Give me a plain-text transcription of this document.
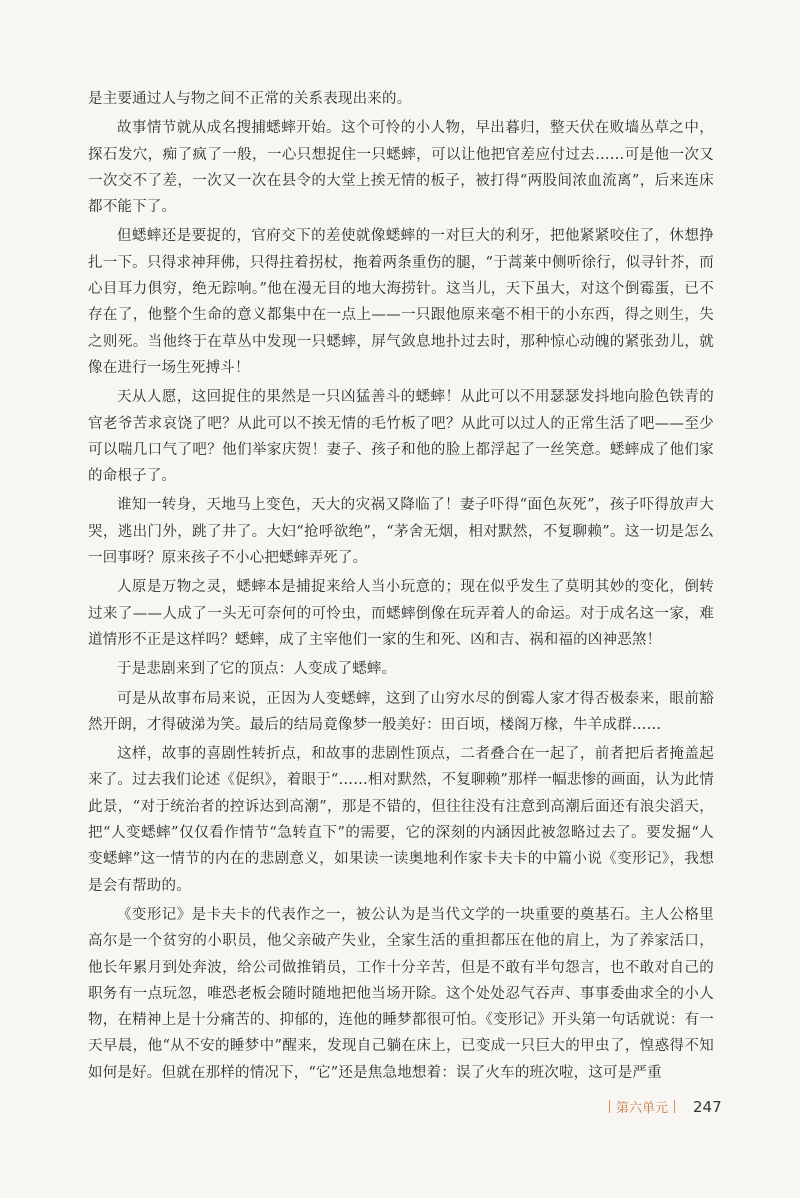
是主要通过人与物之间不正常的关系表现出来的。

故事情节就从成名搜捕蟋蟀开始。这个可怜的小人物，早出暮归，整天伏在败墙丛草之中，探石发穴，痴了疯了一般，一心只想捉住一只蟋蟀，可以让他把官差应付过去……可是他一次又一次交不了差，一次又一次在县令的大堂上挨无情的板子，被打得“两股间浓血流离”，后来连床都不能下了。

但蟋蟀还是要捉的，官府交下的差使就像蟋蟀的一对巨大的利牙，把他紧紧咬住了，休想挣扎一下。只得求神拜佛，只得拄着拐杖，拖着两条重伤的腿，“于蒿莱中侧听徐行，似寻针芥，而心目耳力俱穷，绝无踪响。”他在漫无目的地大海捞针。这当儿，天下虽大，对这个倒霉蛋，已不存在了，他整个生命的意义都集中在一点上——一只跟他原来毫不相干的小东西，得之则生，失之则死。当他终于在草丛中发现一只蟋蟀，屏气敛息地扑过去时，那种惊心动魄的紧张劲儿，就像在进行一场生死搏斗！

天从人愿，这回捉住的果然是一只凶猛善斗的蟋蟀！从此可以不用瑟瑟发抖地向脸色铁青的官老爷苦求哀饶了吧？从此可以不挨无情的毛竹板了吧？从此可以过人的正常生活了吧——至少可以喘几口气了吧？他们举家庆贺！妻子、孩子和他的脸上都浮起了一丝笑意。蟋蟀成了他们家的命根子了。

谁知一转身，天地马上变色，天大的灾祸又降临了！妻子吓得“面色灰死”，孩子吓得放声大哭，逃出门外，跳了井了。大妇“抢呼欲绝”，“茅舍无烟，相对默然，不复聊赖”。这一切是怎么一回事呀？原来孩子不小心把蟋蟀弄死了。

人原是万物之灵，蟋蟀本是捕捉来给人当小玩意的；现在似乎发生了莫明其妙的变化，倒转过来了——人成了一头无可奈何的可怜虫，而蟋蟀倒像在玩弄着人的命运。对于成名这一家，难道情形不正是这样吗？蟋蟀，成了主宰他们一家的生和死、凶和吉、祸和福的凶神恶煞！

于是悲剧来到了它的顶点：人变成了蟋蟀。

可是从故事布局来说，正因为人变蟋蟀，这到了山穷水尽的倒霉人家才得否极泰来，眼前豁然开朗，才得破涕为笑。最后的结局竟像梦一般美好：田百顷，楼阁万椽，牛羊成群……

这样，故事的喜剧性转折点，和故事的悲剧性顶点，二者叠合在一起了，前者把后者掩盖起来了。过去我们论述《促织》，着眼于“……相对默然，不复聊赖”那样一幅悲惨的画面，认为此情此景，“对于统治者的控诉达到高潮”，那是不错的，但往往没有注意到高潮后面还有浪尖滔天，把“人变蟋蟀”仅仅看作情节“急转直下”的需要，它的深刻的内涵因此被忽略过去了。要发掘“人变蟋蟀”这一情节的内在的悲剧意义，如果读一读奥地利作家卡夫卡的中篇小说《变形记》，我想是会有帮助的。

《变形记》是卡夫卡的代表作之一，被公认为是当代文学的一块重要的奠基石。主人公格里高尔是一个贫穷的小职员，他父亲破产失业，全家生活的重担都压在他的肩上，为了养家活口，他长年累月到处奔波，给公司做推销员，工作十分辛苦，但是不敢有半句怨言，也不敢对自己的职务有一点玩忽，唯恐老板会随时随地把他当场开除。这个处处忍气吞声、事事委曲求全的小人物，在精神上是十分痛苦的、抑郁的，连他的睡梦都很可怕。《变形记》开头第一句话就说：有一天早晨，他“从不安的睡梦中”醒来，发现自己躺在床上，已变成一只巨大的甲虫了，惶惑得不知如何是好。但就在那样的情况下，“它”还是焦急地想着：误了火车的班次啦，这可是严重

第六单元 247
